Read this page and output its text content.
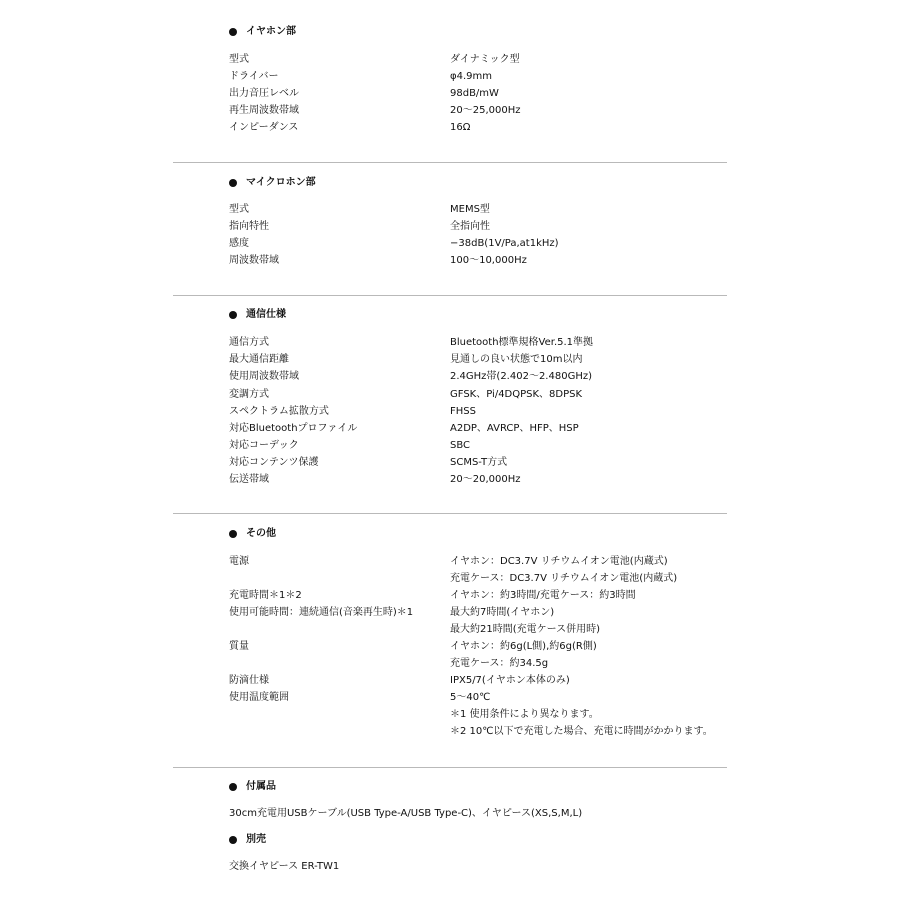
イヤホン部
型式	ダイナミック型
ドライバー	φ4.9mm
出力音圧レベル	98dB/mW
再生周波数帯域	20〜25,000Hz
インピーダンス	16Ω
マイクロホン部
型式	MEMS型
指向特性	全指向性
感度	−38dB(1V/Pa,at1kHz)
周波数帯域	100〜10,000Hz
通信仕様
通信方式	Bluetooth標準規格Ver.5.1準拠
最大通信距離	見通しの良い状態で10m以内
使用周波数帯域	2.4GHz帯(2.402〜2.480GHz)
変調方式	GFSK、Pi/4DQPSK、8DPSK
スペクトラム拡散方式	FHSS
対応Bluetoothプロファイル	A2DP、AVRCP、HFP、HSP
対応コーデック	SBC
対応コンテンツ保護	SCMS-T方式
伝送帯域	20〜20,000Hz
その他
電源	イヤホン：DC3.7V リチウムイオン電池(内蔵式)
充電ケース：DC3.7V リチウムイオン電池(内蔵式)
充電時間＊1＊2	イヤホン：約3時間/充電ケース：約3時間
使用可能時間：連続通信(音楽再生時)＊1	最大約7時間(イヤホン)
最大約21時間(充電ケース併用時)
質量	イヤホン：約6g(L側),約6g(R側)
充電ケース：約34.5g
防滴仕様	IPX5/7(イヤホン本体のみ)
使用温度範囲	5〜40℃
＊1 使用条件により異なります。
＊2 10℃以下で充電した場合、充電に時間がかかります。
付属品
30cm充電用USBケーブル(USB Type-A/USB Type-C)、イヤピース(XS,S,M,L)
別売
交換イヤピース ER-TW1
